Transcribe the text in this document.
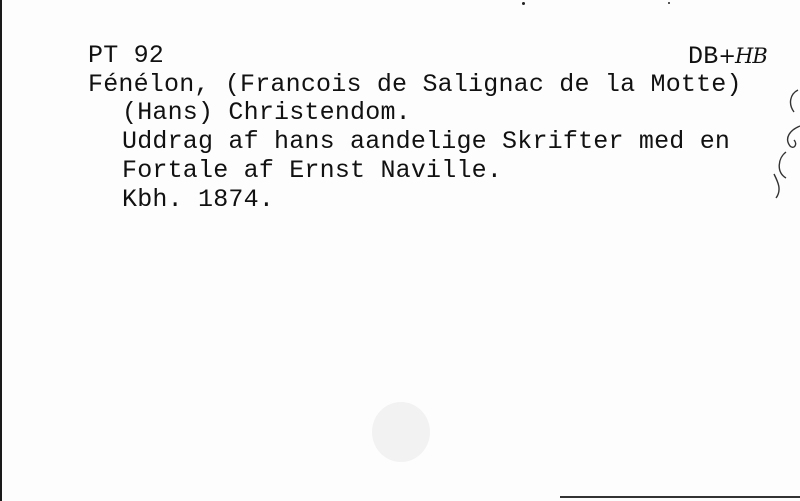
PT 92	DB+HB
Fénélon, (Francois de Salignac de la Motte)
(Hans) Christendom.
Uddrag af hans aandelige Skrifter med en
Fortale af Ernst Naville.
Kbh. 1874.
